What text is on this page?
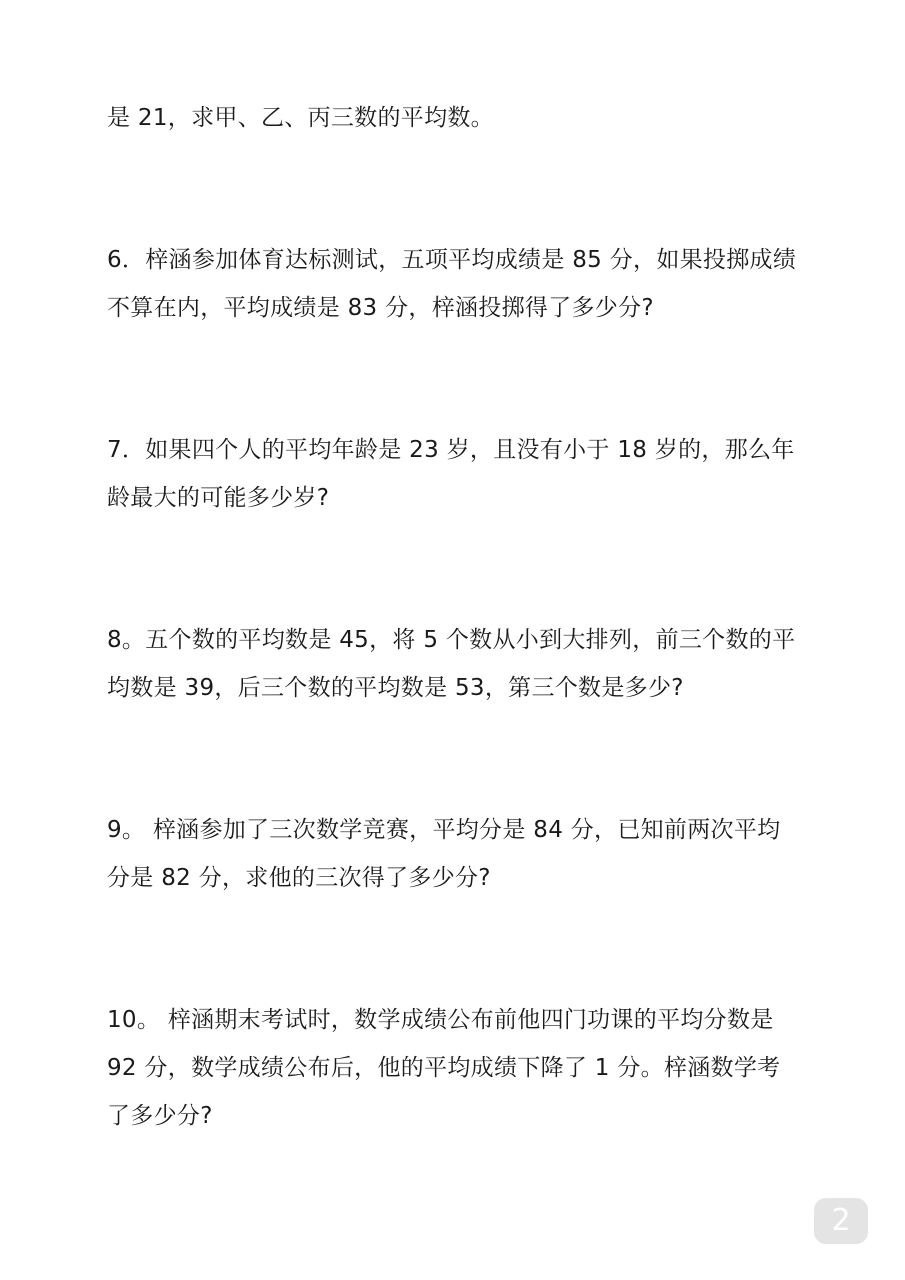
是 21，求甲、乙、丙三数的平均数。
6．梓涵参加体育达标测试，五项平均成绩是 85 分，如果投掷成绩
不算在内，平均成绩是 83 分，梓涵投掷得了多少分?
7．如果四个人的平均年龄是 23 岁，且没有小于 18 岁的，那么年
龄最大的可能多少岁?
8。五个数的平均数是 45，将 5 个数从小到大排列，前三个数的平
均数是 39，后三个数的平均数是 53，第三个数是多少?
9。 梓涵参加了三次数学竞赛，平均分是 84 分，已知前两次平均
分是 82 分，求他的三次得了多少分?
10。 梓涵期末考试时，数学成绩公布前他四门功课的平均分数是
92 分，数学成绩公布后，他的平均成绩下降了 1 分。梓涵数学考
了多少分?
2
